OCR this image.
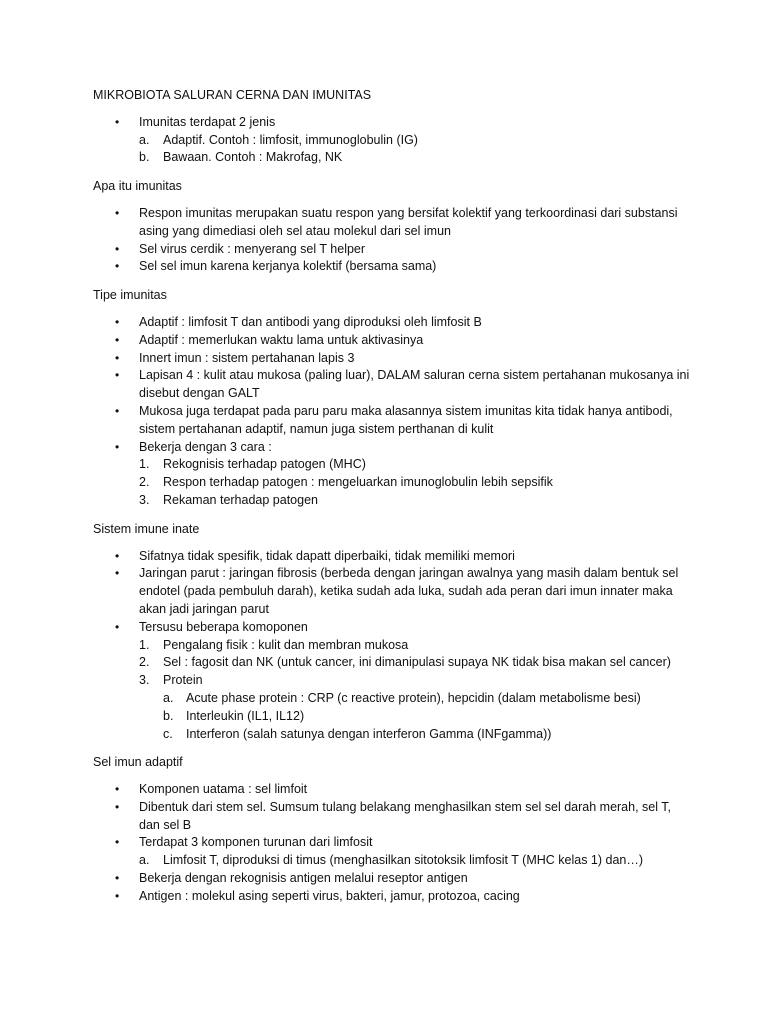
MIKROBIOTA SALURAN CERNA DAN IMUNITAS
• Imunitas terdapat 2 jenis
a. Adaptif. Contoh : limfosit, immunoglobulin (IG)
b. Bawaan. Contoh : Makrofag, NK
Apa itu imunitas
• Respon imunitas merupakan suatu respon yang bersifat kolektif yang terkoordinasi dari substansi asing yang dimediasi oleh sel atau molekul dari sel imun
• Sel virus cerdik : menyerang sel T helper
• Sel sel imun karena kerjanya kolektif (bersama sama)
Tipe imunitas
• Adaptif : limfosit T dan antibodi yang diproduksi oleh limfosit B
• Adaptif : memerlukan waktu lama untuk aktivasinya
• Innert imun : sistem pertahanan lapis 3
• Lapisan 4 : kulit atau mukosa (paling luar), DALAM saluran cerna sistem pertahanan mukosanya ini disebut dengan GALT
• Mukosa juga terdapat pada paru paru maka alasannya sistem imunitas kita tidak hanya antibodi, sistem pertahanan adaptif, namun juga sistem perthanan di kulit
• Bekerja dengan 3 cara :
1. Rekognisis terhadap patogen (MHC)
2. Respon terhadap patogen : mengeluarkan imunoglobulin lebih sepsifik
3. Rekaman terhadap patogen
Sistem imune inate
• Sifatnya tidak spesifik, tidak dapatt diperbaiki, tidak memiliki memori
• Jaringan parut : jaringan fibrosis (berbeda dengan jaringan awalnya yang masih dalam bentuk sel endotel (pada pembuluh darah), ketika sudah ada luka, sudah ada peran dari imun innater maka akan jadi jaringan parut
• Tersusu beberapa komoponen
1. Pengalang fisik : kulit dan membran mukosa
2. Sel : fagosit dan NK (untuk cancer, ini dimanipulasi supaya NK tidak bisa makan sel cancer)
3. Protein
a. Acute phase protein : CRP (c reactive protein), hepcidin (dalam metabolisme besi)
b. Interleukin (IL1, IL12)
c. Interferon (salah satunya dengan interferon Gamma (INFgamma))
Sel imun adaptif
• Komponen uatama : sel limfoit
• Dibentuk dari stem sel. Sumsum tulang belakang menghasilkan stem sel sel darah merah, sel T, dan sel B
• Terdapat 3 komponen turunan dari limfosit
a. Limfosit T, diproduksi di timus (menghasilkan sitotoksik limfosit T (MHC kelas 1) dan…)
• Bekerja dengan rekognisis antigen melalui reseptor antigen
• Antigen : molekul asing seperti virus, bakteri, jamur, protozoa, cacing
